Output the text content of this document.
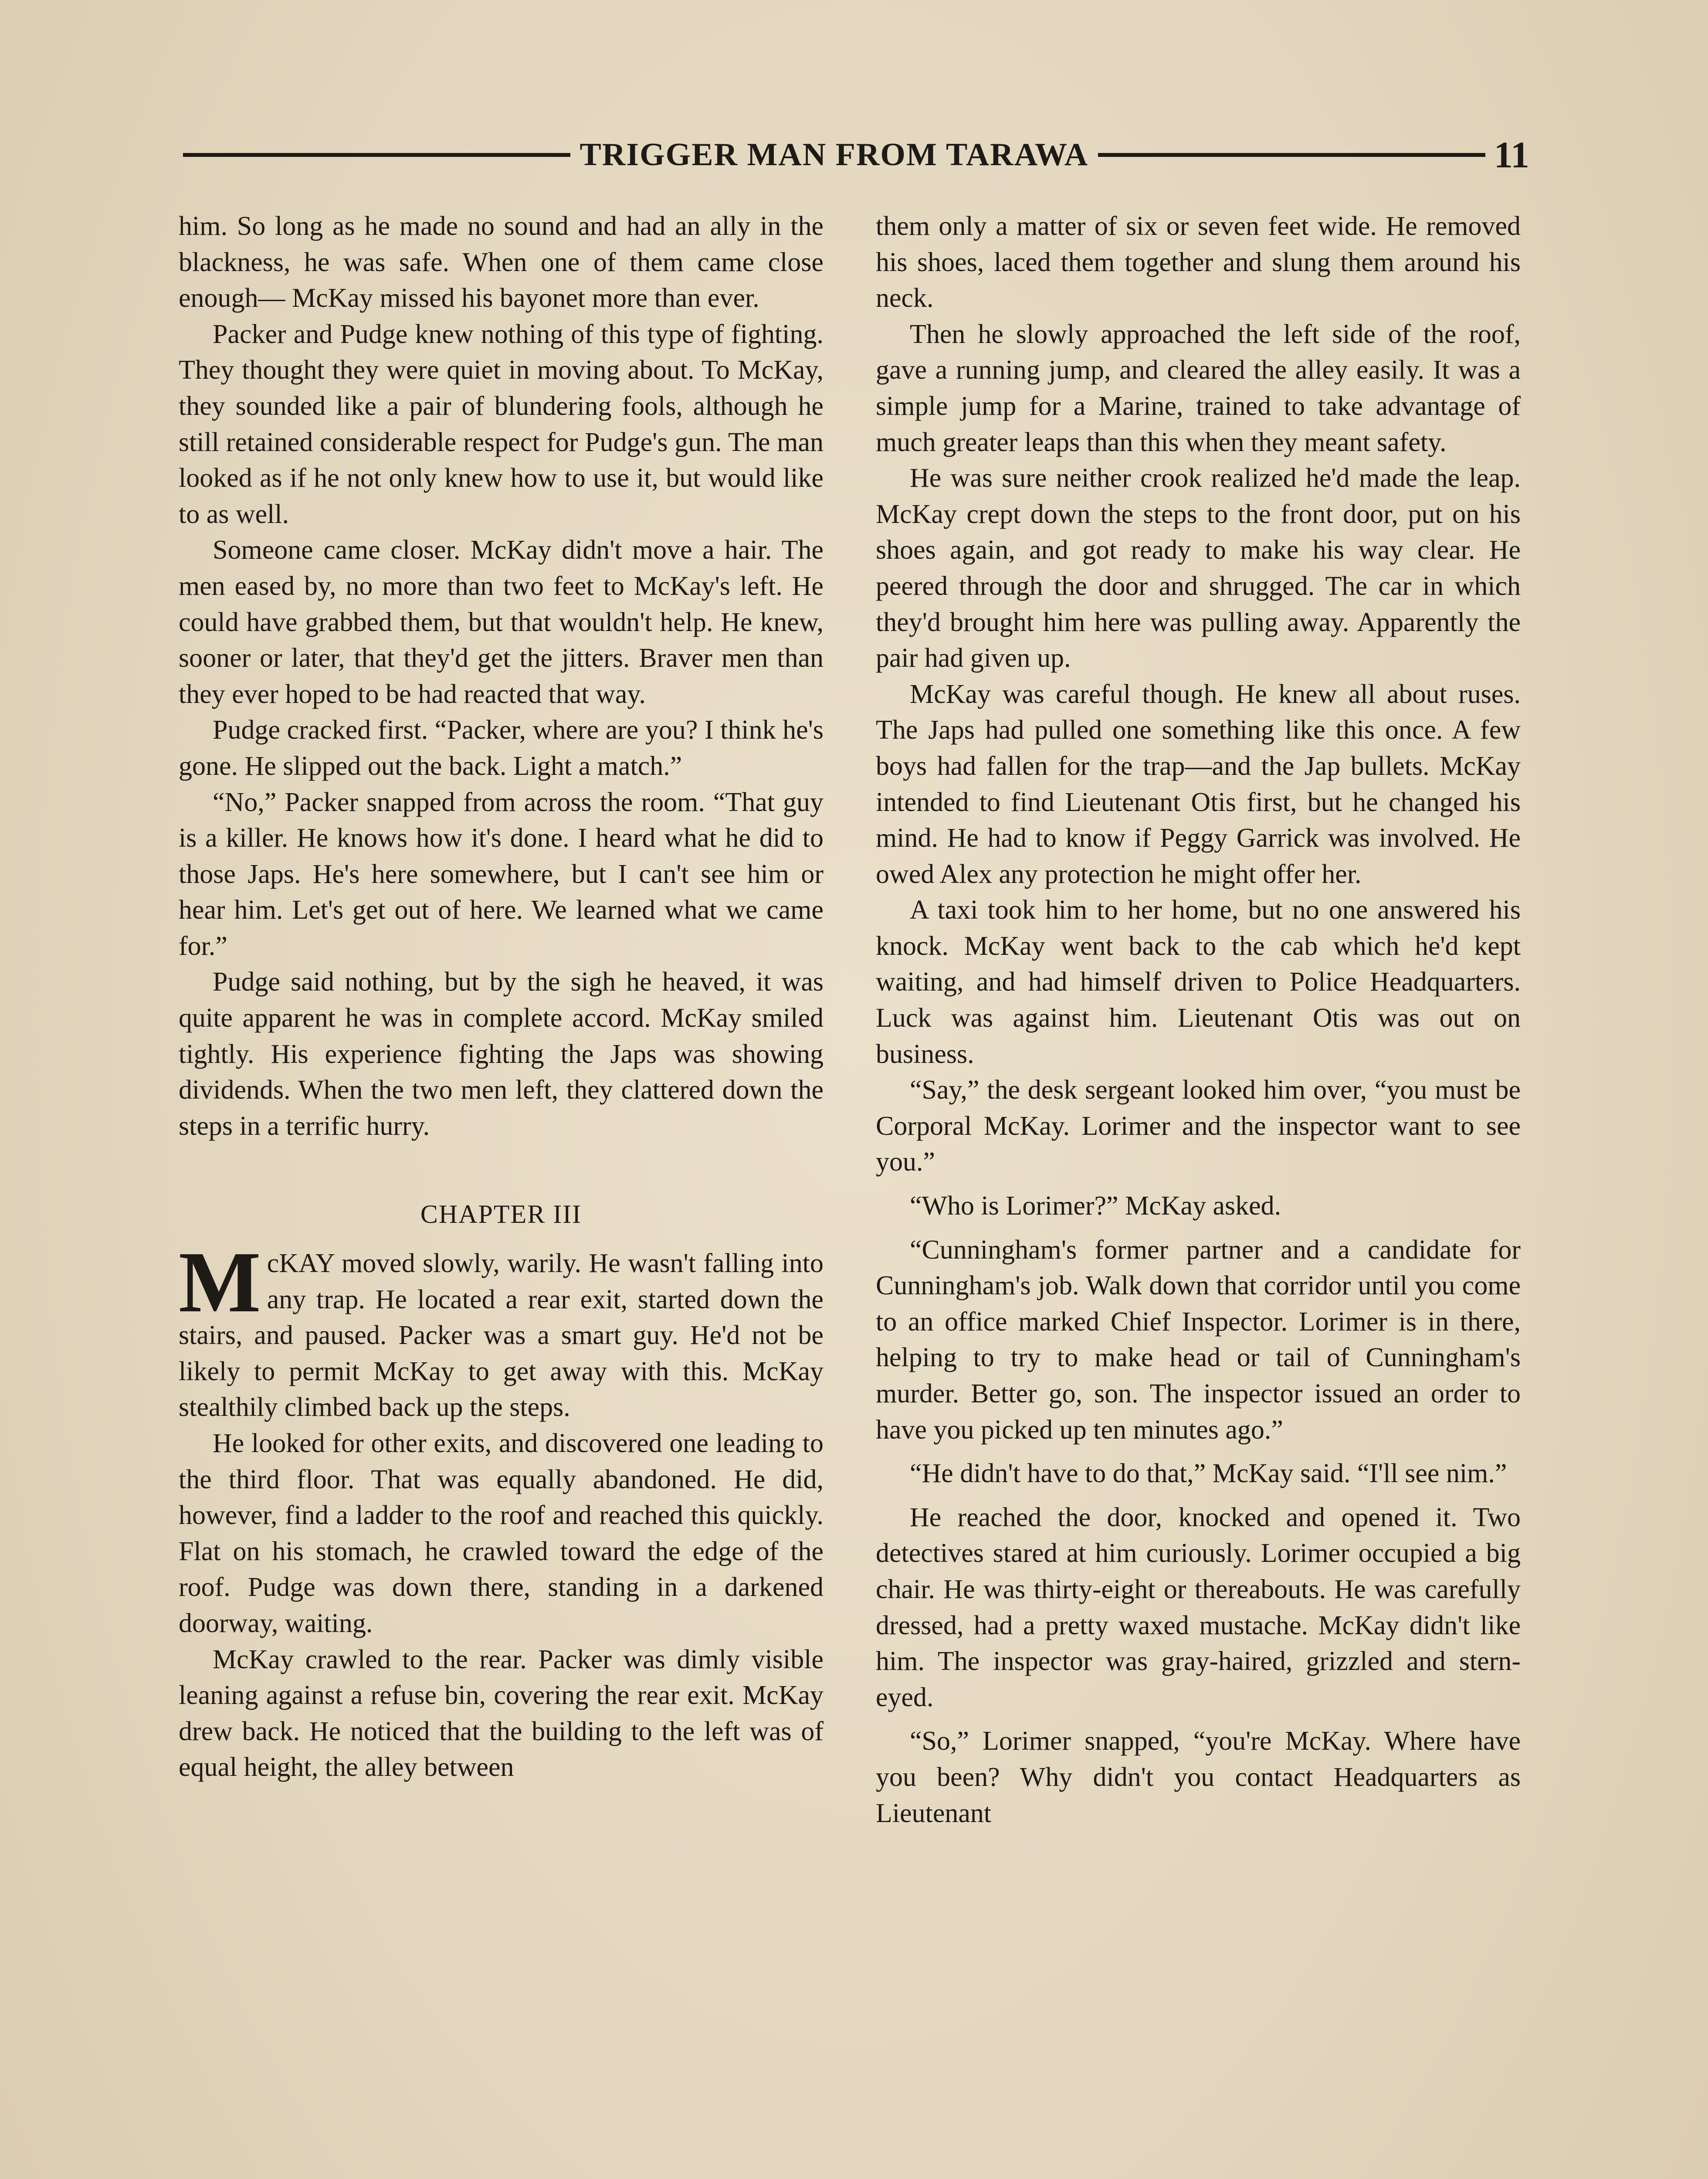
TRIGGER MAN FROM TARAWA	11

him. So long as he made no sound and had an ally in the blackness, he was safe. When one of them came close enough— McKay missed his bayonet more than ever.

Packer and Pudge knew nothing of this type of fighting. They thought they were quiet in moving about. To McKay, they sounded like a pair of blundering fools, although he still retained considerable respect for Pudge's gun. The man looked as if he not only knew how to use it, but would like to as well.

Someone came closer. McKay didn't move a hair. The men eased by, no more than two feet to McKay's left. He could have grabbed them, but that wouldn't help. He knew, sooner or later, that they'd get the jitters. Braver men than they ever hoped to be had reacted that way.

Pudge cracked first. “Packer, where are you? I think he's gone. He slipped out the back. Light a match.”

“No,” Packer snapped from across the room. “That guy is a killer. He knows how it's done. I heard what he did to those Japs. He's here somewhere, but I can't see him or hear him. Let's get out of here. We learned what we came for.”

Pudge said nothing, but by the sigh he heaved, it was quite apparent he was in complete accord. McKay smiled tightly. His experience fighting the Japs was showing dividends. When the two men left, they clattered down the steps in a terrific hurry.

CHAPTER III

McKAY moved slowly, warily. He wasn't falling into any trap. He located a rear exit, started down the stairs, and paused. Packer was a smart guy. He'd not be likely to permit McKay to get away with this. McKay stealthily climbed back up the steps.

He looked for other exits, and discovered one leading to the third floor. That was equally abandoned. He did, however, find a ladder to the roof and reached this quickly. Flat on his stomach, he crawled toward the edge of the roof. Pudge was down there, standing in a darkened doorway, waiting.

McKay crawled to the rear. Packer was dimly visible leaning against a refuse bin, covering the rear exit. McKay drew back. He noticed that the building to the left was of equal height, the alley between

them only a matter of six or seven feet wide. He removed his shoes, laced them together and slung them around his neck.

Then he slowly approached the left side of the roof, gave a running jump, and cleared the alley easily. It was a simple jump for a Marine, trained to take advantage of much greater leaps than this when they meant safety.

He was sure neither crook realized he'd made the leap. McKay crept down the steps to the front door, put on his shoes again, and got ready to make his way clear. He peered through the door and shrugged. The car in which they'd brought him here was pulling away. Apparently the pair had given up.

McKay was careful though. He knew all about ruses. The Japs had pulled one something like this once. A few boys had fallen for the trap—and the Jap bullets. McKay intended to find Lieutenant Otis first, but he changed his mind. He had to know if Peggy Garrick was involved. He owed Alex any protection he might offer her.

A taxi took him to her home, but no one answered his knock. McKay went back to the cab which he'd kept waiting, and had himself driven to Police Headquarters. Luck was against him. Lieutenant Otis was out on business.

“Say,” the desk sergeant looked him over, “you must be Corporal McKay. Lorimer and the inspector want to see you.”

“Who is Lorimer?” McKay asked.

“Cunningham's former partner and a candidate for Cunningham's job. Walk down that corridor until you come to an office marked Chief Inspector. Lorimer is in there, helping to try to make head or tail of Cunningham's murder. Better go, son. The inspector issued an order to have you picked up ten minutes ago.”

“He didn't have to do that,” McKay said. “I'll see nim.”

He reached the door, knocked and opened it. Two detectives stared at him curiously. Lorimer occupied a big chair. He was thirty-eight or thereabouts. He was carefully dressed, had a pretty waxed mustache. McKay didn't like him. The inspector was gray-haired, grizzled and stern-eyed.

“So,” Lorimer snapped, “you're McKay. Where have you been? Why didn't you contact Headquarters as Lieutenant
